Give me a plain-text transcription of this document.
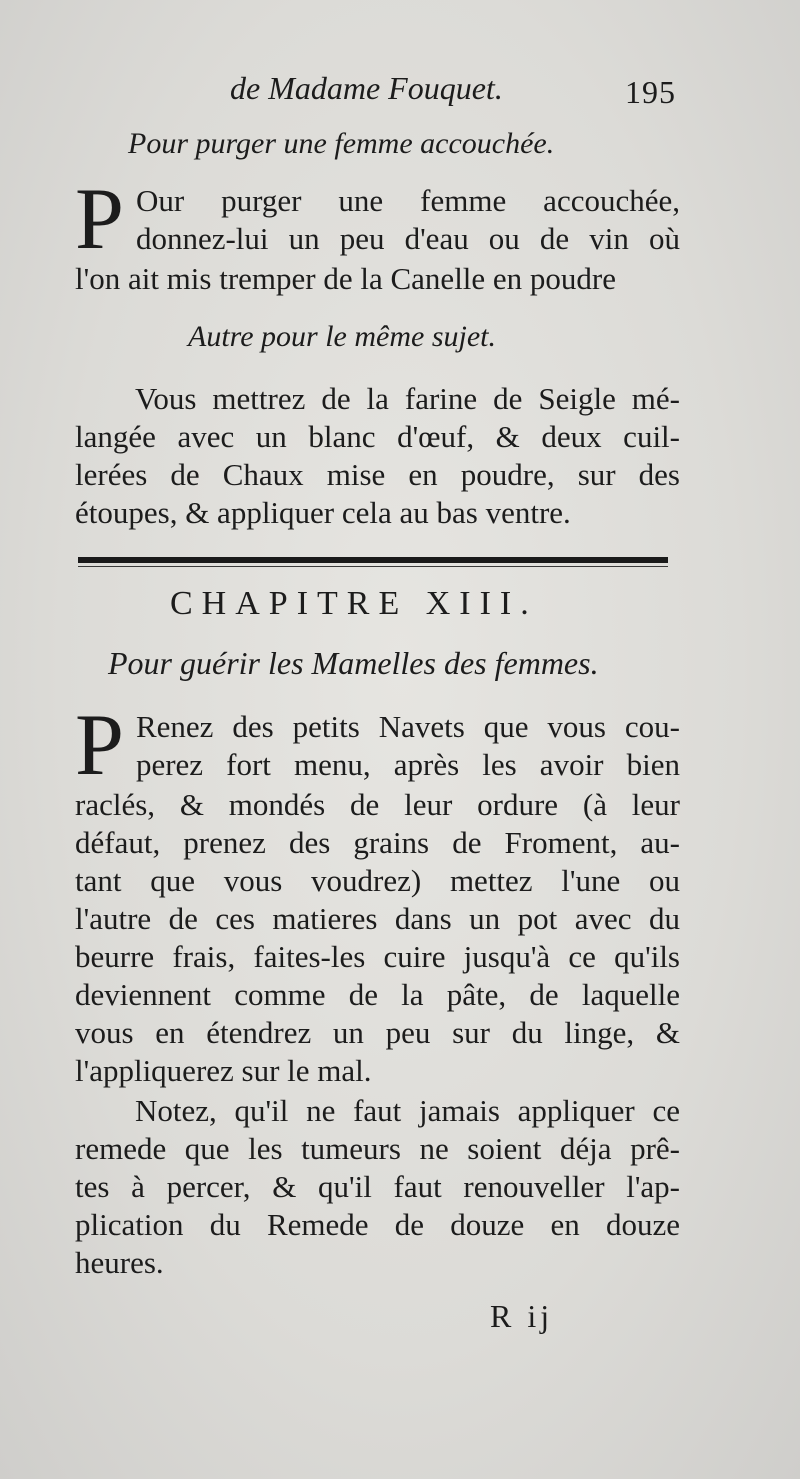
de Madame Fouquet.	195
Pour purger une femme accouchée.
P Our purger une femme accouchée,
donnez-lui un peu d'eau ou de vin où
l'on ait mis tremper de la Canelle en poudre
Autre pour le même sujet.
Vous mettrez de la farine de Seigle mé-
langée avec un blanc d'œuf, & deux cuil-
lerées de Chaux mise en poudre, sur des
étoupes, & appliquer cela au bas ventre.
CHAPITRE XIII.
Pour guérir les Mamelles des femmes.
P Renez des petits Navets que vous cou-
perez fort menu, après les avoir bien
raclés, & mondés de leur ordure (à leur
défaut, prenez des grains de Froment, au-
tant que vous voudrez) mettez l'une ou
l'autre de ces matieres dans un pot avec du
beurre frais, faites-les cuire jusqu'à ce qu'ils
deviennent comme de la pâte, de laquelle
vous en étendrez un peu sur du linge, &
l'appliquerez sur le mal.
Notez, qu'il ne faut jamais appliquer ce
remede que les tumeurs ne soient déja prê-
tes à percer, & qu'il faut renouveller l'ap-
plication du Remede de douze en douze
heures.
R ij
